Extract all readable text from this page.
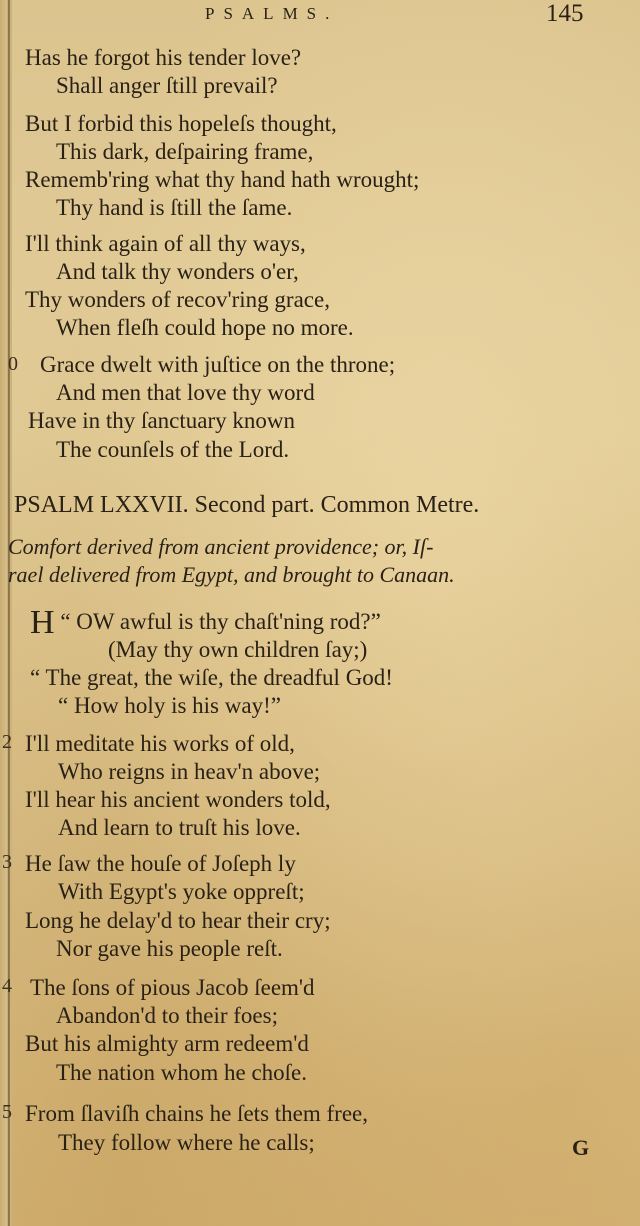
PSALMS.	145
Has he forgot his tender love?
Shall anger ſtill prevail?
But I forbid this hopeleſs thought,
This dark, deſpairing frame,
Rememb'ring what thy hand hath wrought;
Thy hand is ſtill the ſame.
I'll think again of all thy ways,
And talk thy wonders o'er,
Thy wonders of recov'ring grace,
When fleſh could hope no more.
0 Grace dwelt with juſtice on the throne;
And men that love thy word
Have in thy ſanctuary known
The counſels of the Lord.
PSALM LXXVII. Second part. Common Metre.
Comfort derived from ancient providence; or, Iſ-
rael delivered from Egypt, and brought to Canaan.
H “ OW awful is thy chaſt'ning rod?”
(May thy own children ſay;)
“ The great, the wiſe, the dreadful God!
“ How holy is his way!”
2 I'll meditate his works of old,
Who reigns in heav'n above;
I'll hear his ancient wonders told,
And learn to truſt his love.
3 He ſaw the houſe of Joſeph ly
With Egypt's yoke oppreſt;
Long he delay'd to hear their cry;
Nor gave his people reſt.
4 The ſons of pious Jacob ſeem'd
Abandon'd to their foes;
But his almighty arm redeem'd
The nation whom he choſe.
5 From ſlaviſh chains he ſets them free,
They follow where he calls;	G
